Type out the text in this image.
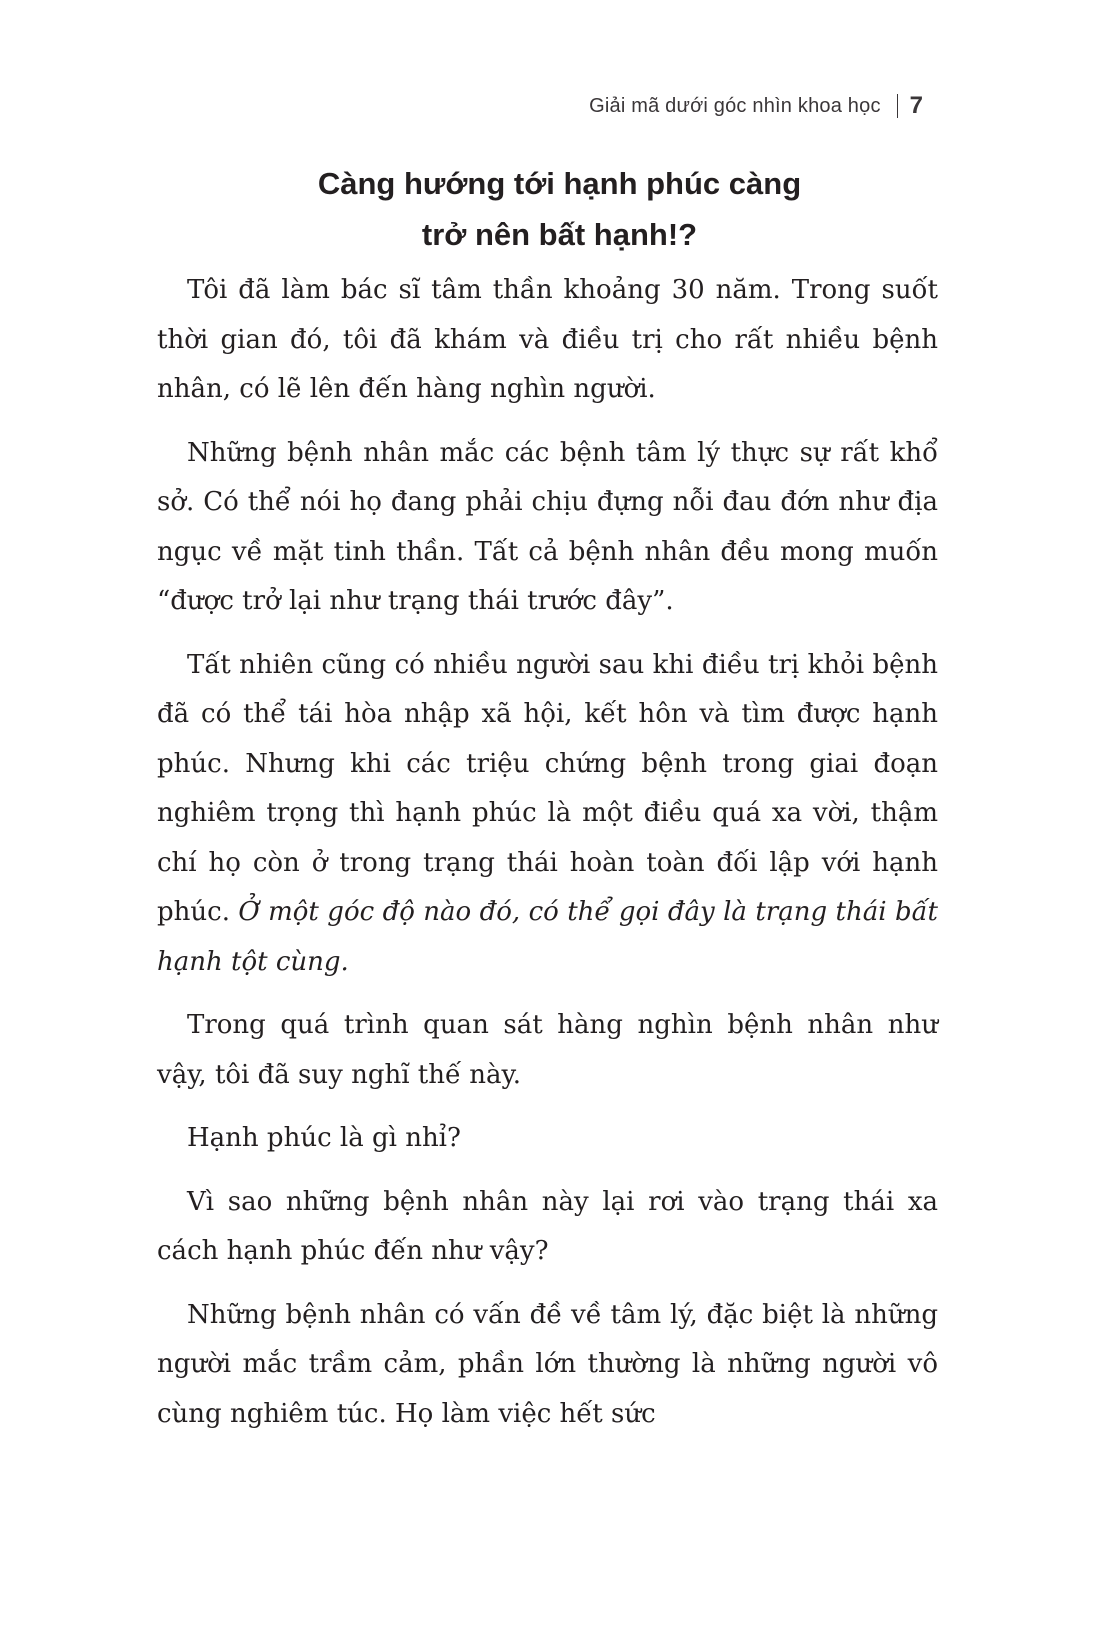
Giải mã dưới góc nhìn khoa học 7
Càng hướng tới hạnh phúc càng
trở nên bất hạnh!?

Tôi đã làm bác sĩ tâm thần khoảng 30 năm. Trong suốt thời gian đó, tôi đã khám và điều trị cho rất nhiều bệnh nhân, có lẽ lên đến hàng nghìn người.

Những bệnh nhân mắc các bệnh tâm lý thực sự rất khổ sở. Có thể nói họ đang phải chịu đựng nỗi đau đớn như địa ngục về mặt tinh thần. Tất cả bệnh nhân đều mong muốn “được trở lại như trạng thái trước đây”.

Tất nhiên cũng có nhiều người sau khi điều trị khỏi bệnh đã có thể tái hòa nhập xã hội, kết hôn và tìm được hạnh phúc. Nhưng khi các triệu chứng bệnh trong giai đoạn nghiêm trọng thì hạnh phúc là một điều quá xa vời, thậm chí họ còn ở trong trạng thái hoàn toàn đối lập với hạnh phúc. Ở một góc độ nào đó, có thể gọi đây là trạng thái bất hạnh tột cùng.

Trong quá trình quan sát hàng nghìn bệnh nhân như vậy, tôi đã suy nghĩ thế này.

Hạnh phúc là gì nhỉ?

Vì sao những bệnh nhân này lại rơi vào trạng thái xa cách hạnh phúc đến như vậy?

Những bệnh nhân có vấn đề về tâm lý, đặc biệt là những người mắc trầm cảm, phần lớn thường là những người vô cùng nghiêm túc. Họ làm việc hết sức
